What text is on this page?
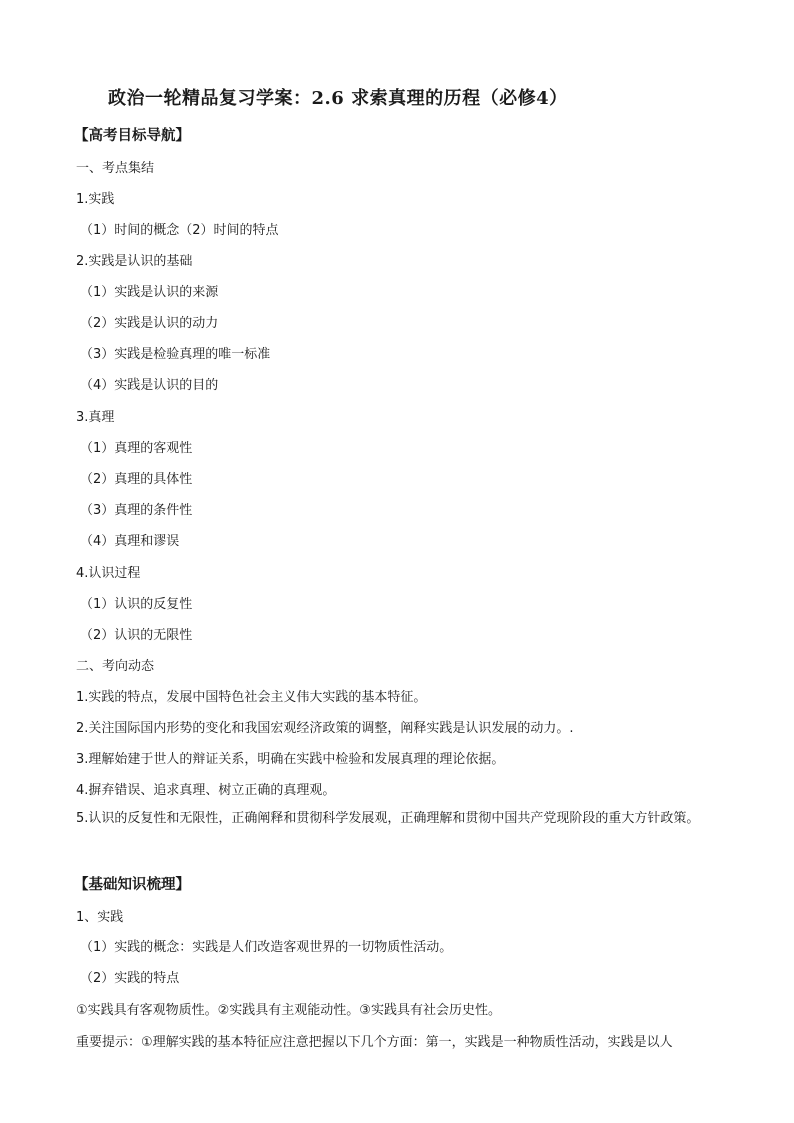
政治一轮精品复习学案：2.6 求索真理的历程（必修4）
【高考目标导航】
一、考点集结
1.实践
（1）时间的概念（2）时间的特点
2.实践是认识的基础
（1）实践是认识的来源
（2）实践是认识的动力
（3）实践是检验真理的唯一标准
（4）实践是认识的目的
3.真理
（1）真理的客观性
（2）真理的具体性
（3）真理的条件性
（4）真理和谬误
4.认识过程
（1）认识的反复性
（2）认识的无限性
二、考向动态
1.实践的特点，发展中国特色社会主义伟大实践的基本特征。
2.关注国际国内形势的变化和我国宏观经济政策的调整，阐释实践是认识发展的动力。.
3.理解始建于世人的辩证关系，明确在实践中检验和发展真理的理论依据。
4.摒弃错误、追求真理、树立正确的真理观。
5.认识的反复性和无限性，正确阐释和贯彻科学发展观，正确理解和贯彻中国共产党现阶段的重大方针政策。
【基础知识梳理】
1、实践
（1）实践的概念：实践是人们改造客观世界的一切物质性活动。
（2）实践的特点
①实践具有客观物质性。②实践具有主观能动性。③实践具有社会历史性。
重要提示：①理解实践的基本特征应注意把握以下几个方面：第一，实践是一种物质性活动，实践是以人
